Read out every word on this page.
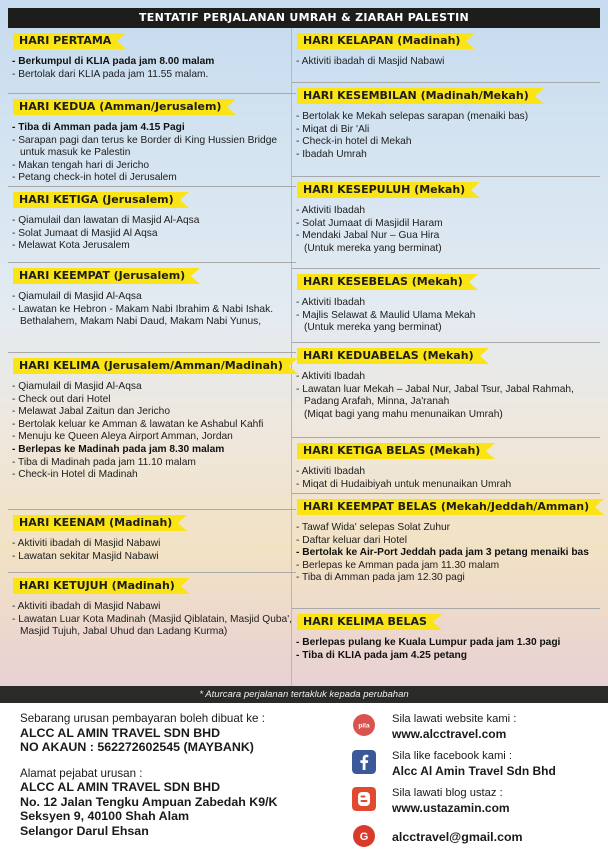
TENTATIF PERJALANAN UMRAH & ZIARAH PALESTIN
HARI PERTAMA
- Berkumpul di KLIA pada jam 8.00 malam
- Bertolak dari KLIA pada jam 11.55 malam.
HARI KEDUA (Amman/Jerusalem)
- Tiba di Amman pada jam 4.15 Pagi
- Sarapan pagi dan terus ke Border di King Hussien Bridge untuk masuk ke Palestin
- Makan tengah hari di Jericho
- Petang check-in hotel di Jerusalem
HARI KETIGA (Jerusalem)
- Qiamulail dan lawatan di Masjid Al-Aqsa
- Solat Jumaat di Masjid Al Aqsa
- Melawat Kota Jerusalem
HARI KEEMPAT (Jerusalem)
- Qiamulail di Masjid Al-Aqsa
- Lawatan ke Hebron - Makam Nabi Ibrahim & Nabi Ishak. Bethalahem, Makam Nabi Daud, Makam Nabi Yunus,
HARI KELIMA (Jerusalem/Amman/Madinah)
- Qiamulail di Masjid Al-Aqsa
- Check out dari Hotel
- Melawat Jabal Zaitun dan Jericho
- Bertolak keluar ke Amman & lawatan ke Ashabul Kahfi
- Menuju ke Queen Aleya Airport Amman, Jordan
- Berlepas ke Madinah pada jam 8.30 malam
- Tiba di Madinah pada jam 11.10 malam
- Check-in Hotel di Madinah
HARI KEENAM (Madinah)
- Aktiviti ibadah di Masjid Nabawi
- Lawatan sekitar Masjid Nabawi
HARI KETUJUH (Madinah)
- Aktiviti ibadah di Masjid Nabawi
- Lawatan Luar Kota Madinah (Masjid Qiblatain, Masjid Quba', Masjid Tujuh, Jabal Uhud dan Ladang Kurma)
HARI KELAPAN (Madinah)
- Aktiviti ibadah di Masjid Nabawi
HARI KESEMBILAN (Madinah/Mekah)
- Bertolak ke Mekah selepas sarapan (menaiki bas)
- Miqat di Bir 'Ali
- Check-in hotel di Mekah
- Ibadah Umrah
HARI KESEPULUH (Mekah)
- Aktiviti Ibadah
- Solat Jumaat di Masjidil Haram
- Mendaki Jabal Nur – Gua Hira
(Untuk mereka yang berminat)
HARI KESEBELAS (Mekah)
- Aktiviti Ibadah
- Majlis Selawat & Maulid Ulama Mekah
(Untuk mereka yang berminat)
HARI KEDUABELAS (Mekah)
- Aktiviti Ibadah
- Lawatan luar Mekah – Jabal Nur, Jabal Tsur, Jabal Rahmah, Padang Arafah, Minna, Ja'ranah
(Miqat bagi yang mahu menunaikan Umrah)
HARI KETIGA BELAS (Mekah)
- Aktiviti Ibadah
- Miqat di Hudaibiyah untuk menunaikan Umrah
HARI KEEMPAT BELAS (Mekah/Jeddah/Amman)
- Tawaf Wida' selepas Solat Zuhur
- Daftar keluar dari Hotel
- Bertolak ke Air-Port Jeddah pada jam 3 petang menaiki bas
- Berlepas ke Amman pada jam 11.30 malam
- Tiba di Amman pada jam 12.30 pagi
HARI KELIMA BELAS
- Berlepas pulang ke Kuala Lumpur pada jam 1.30 pagi
- Tiba di KLIA pada jam 4.25 petang
* Aturcara perjalanan tertakluk kepada perubahan
Sebarang urusan pembayaran boleh dibuat ke :
ALCC AL AMIN TRAVEL SDN BHD
NO AKAUN : 562272602545 (MAYBANK)
Alamat pejabat urusan :
ALCC AL AMIN TRAVEL SDN BHD
No. 12 Jalan Tengku Ampuan Zabedah K9/K
Seksyen 9, 40100 Shah Alam
Selangor Darul Ehsan
pila
Sila lawati website kami :
www.alcctravel.com
Sila like facebook kami :
Alcc Al Amin Travel Sdn Bhd
Sila lawati blog ustaz :
www.ustazamin.com
G alcctravel@gmail.com
